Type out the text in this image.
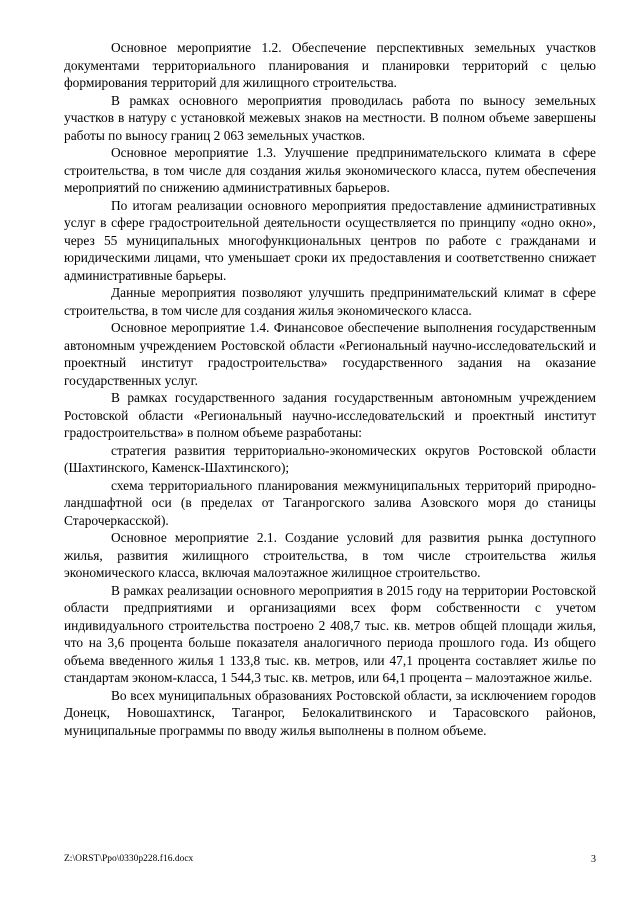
Основное мероприятие 1.2. Обеспечение перспективных земельных участков документами территориального планирования и планировки территорий с целью формирования территорий для жилищного строительства.

В рамках основного мероприятия проводилась работа по выносу земельных участков в натуру с установкой межевых знаков на местности. В полном объеме завершены работы по выносу границ 2 063 земельных участков.

Основное мероприятие 1.3. Улучшение предпринимательского климата в сфере строительства, в том числе для создания жилья экономического класса, путем обеспечения мероприятий по снижению административных барьеров.

По итогам реализации основного мероприятия предоставление административных услуг в сфере градостроительной деятельности осуществляется по принципу «одно окно», через 55 муниципальных многофункциональных центров по работе с гражданами и юридическими лицами, что уменьшает сроки их предоставления и соответственно снижает административные барьеры.

Данные мероприятия позволяют улучшить предпринимательский климат в сфере строительства, в том числе для создания жилья экономического класса.

Основное мероприятие 1.4. Финансовое обеспечение выполнения государственным автономным учреждением Ростовской области «Региональный научно-исследовательский и проектный институт градостроительства» государственного задания на оказание государственных услуг.

В рамках государственного задания государственным автономным учреждением Ростовской области «Региональный научно-исследовательский и проектный институт градостроительства» в полном объеме разработаны:

стратегия развития территориально-экономических округов Ростовской области (Шахтинского, Каменск-Шахтинского);

схема территориального планирования межмуниципальных территорий природно-ландшафтной оси (в пределах от Таганрогского залива Азовского моря до станицы Старочеркасской).

Основное мероприятие 2.1. Создание условий для развития рынка доступного жилья, развития жилищного строительства, в том числе строительства жилья экономического класса, включая малоэтажное жилищное строительство.

В рамках реализации основного мероприятия в 2015 году на территории Ростовской области предприятиями и организациями всех форм собственности с учетом индивидуального строительства построено 2 408,7 тыс. кв. метров общей площади жилья, что на 3,6 процента больше показателя аналогичного периода прошлого года. Из общего объема введенного жилья 1 133,8 тыс. кв. метров, или 47,1 процента составляет жилье по стандартам эконом-класса, 1 544,3 тыс. кв. метров, или 64,1 процента – малоэтажное жилье.

Во всех муниципальных образованиях Ростовской области, за исключением городов Донецк, Новошахтинск, Таганрог, Белокалитвинского и Тарасовского районов, муниципальные программы по вводу жилья выполнены в полном объеме.

Z:\ORST\Ppo\0330p228.f16.docx	3
